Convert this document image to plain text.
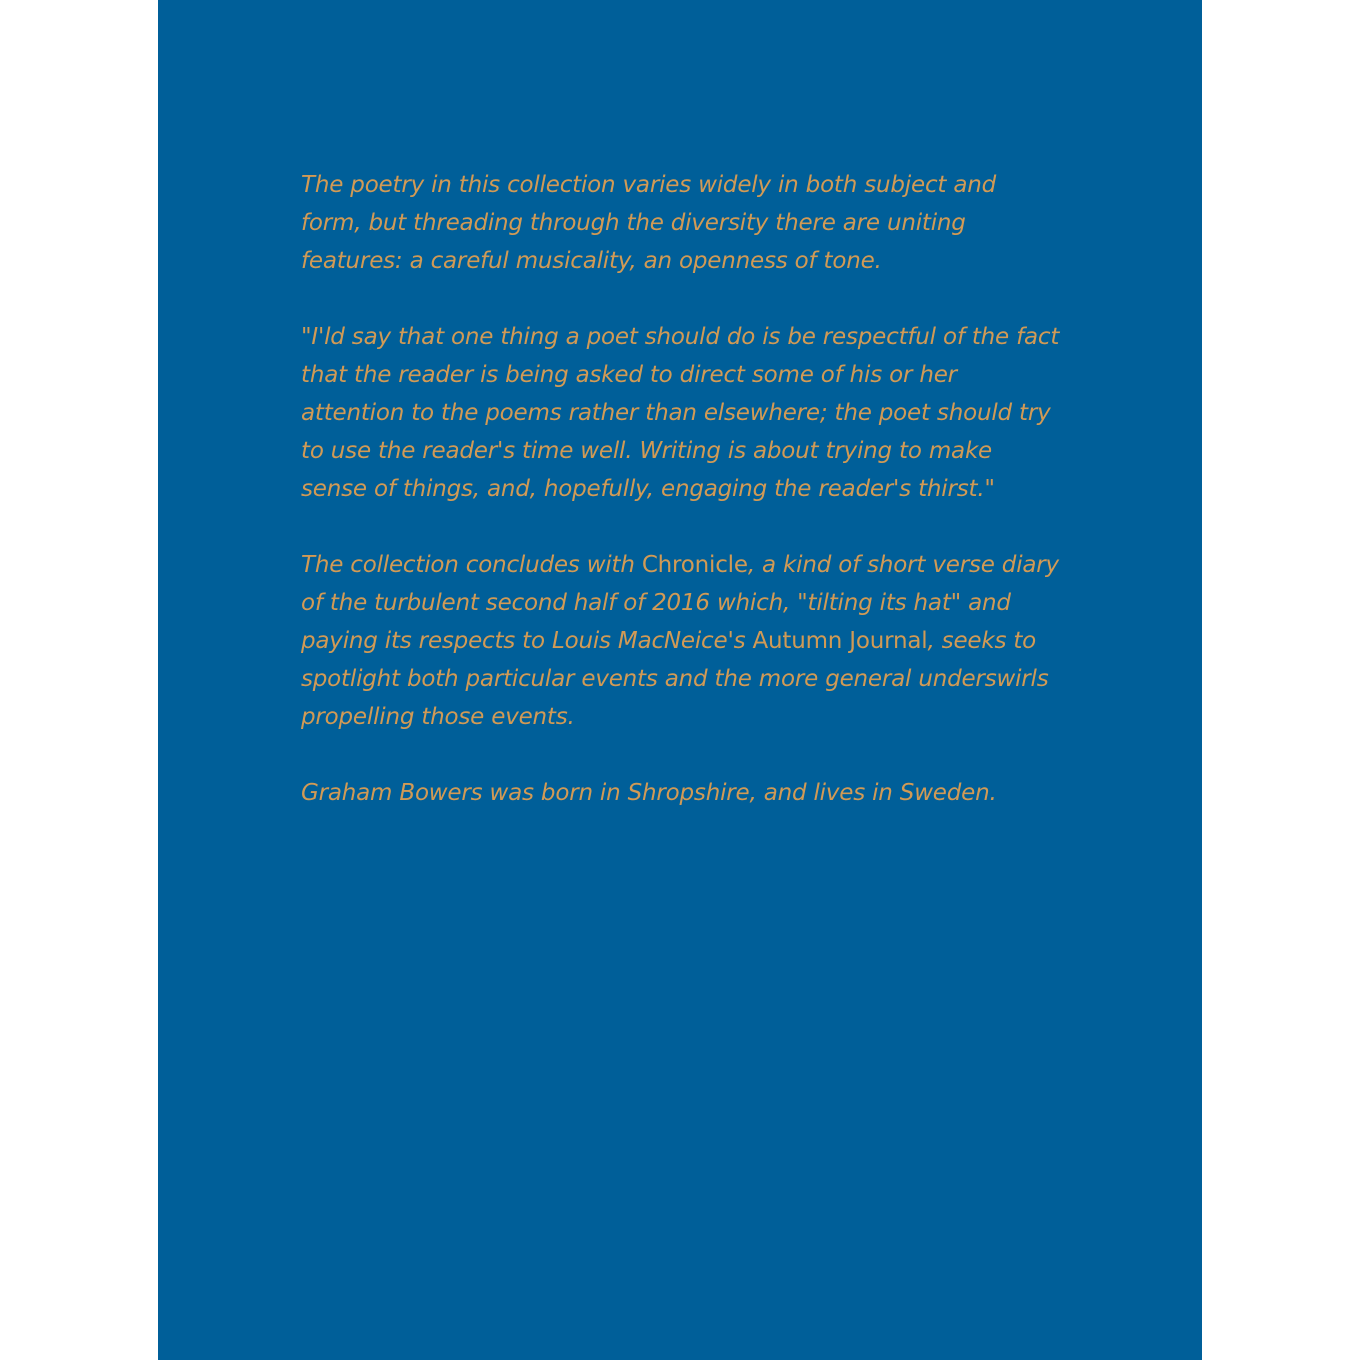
The poetry in this collection varies widely in both subject and form, but threading through the diversity there are uniting features: a careful musicality, an openness of tone.

"I'ld say that one thing a poet should do is be respectful of the fact that the reader is being asked to direct some of his or her attention to the poems rather than elsewhere; the poet should try to use the reader's time well. Writing is about trying to make sense of things, and, hopefully, engaging the reader's thirst."

The collection concludes with Chronicle, a kind of short verse diary of the turbulent second half of 2016 which, "tilting its hat" and paying its respects to Louis MacNeice's Autumn Journal, seeks to spotlight both particular events and the more general underswirls propelling those events.

Graham Bowers was born in Shropshire, and lives in Sweden.
